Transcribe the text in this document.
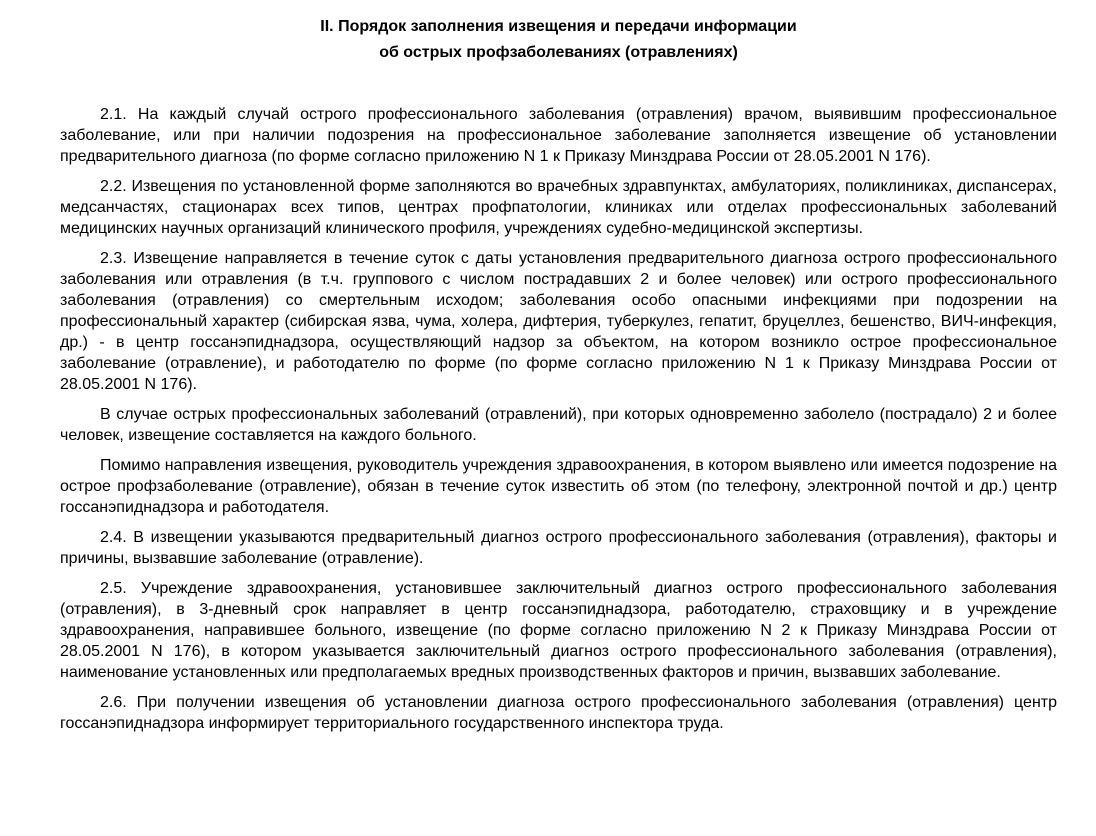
II. Порядок заполнения извещения и передачи информации
об острых профзаболеваниях (отравлениях)

2.1. На каждый случай острого профессионального заболевания (отравления) врачом, выявившим профессиональное заболевание, или при наличии подозрения на профессиональное заболевание заполняется извещение об установлении предварительного диагноза (по форме согласно приложению N 1 к Приказу Минздрава России от 28.05.2001 N 176).

2.2. Извещения по установленной форме заполняются во врачебных здравпунктах, амбулаториях, поликлиниках, диспансерах, медсанчастях, стационарах всех типов, центрах профпатологии, клиниках или отделах профессиональных заболеваний медицинских научных организаций клинического профиля, учреждениях судебно-медицинской экспертизы.

2.3. Извещение направляется в течение суток с даты установления предварительного диагноза острого профессионального заболевания или отравления (в т.ч. группового с числом пострадавших 2 и более человек) или острого профессионального заболевания (отравления) со смертельным исходом; заболевания особо опасными инфекциями при подозрении на профессиональный характер (сибирская язва, чума, холера, дифтерия, туберкулез, гепатит, бруцеллез, бешенство, ВИЧ-инфекция, др.) - в центр госсанэпиднадзора, осуществляющий надзор за объектом, на котором возникло острое профессиональное заболевание (отравление), и работодателю по форме (по форме согласно приложению N 1 к Приказу Минздрава России от 28.05.2001 N 176).

В случае острых профессиональных заболеваний (отравлений), при которых одновременно заболело (пострадало) 2 и более человек, извещение составляется на каждого больного.

Помимо направления извещения, руководитель учреждения здравоохранения, в котором выявлено или имеется подозрение на острое профзаболевание (отравление), обязан в течение суток известить об этом (по телефону, электронной почтой и др.) центр госсанэпиднадзора и работодателя.

2.4. В извещении указываются предварительный диагноз острого профессионального заболевания (отравления), факторы и причины, вызвавшие заболевание (отравление).

2.5. Учреждение здравоохранения, установившее заключительный диагноз острого профессионального заболевания (отравления), в 3-дневный срок направляет в центр госсанэпиднадзора, работодателю, страховщику и в учреждение здравоохранения, направившее больного, извещение (по форме согласно приложению N 2 к Приказу Минздрава России от 28.05.2001 N 176), в котором указывается заключительный диагноз острого профессионального заболевания (отравления), наименование установленных или предполагаемых вредных производственных факторов и причин, вызвавших заболевание.

2.6. При получении извещения об установлении диагноза острого профессионального заболевания (отравления) центр госсанэпиднадзора информирует территориального государственного инспектора труда.
